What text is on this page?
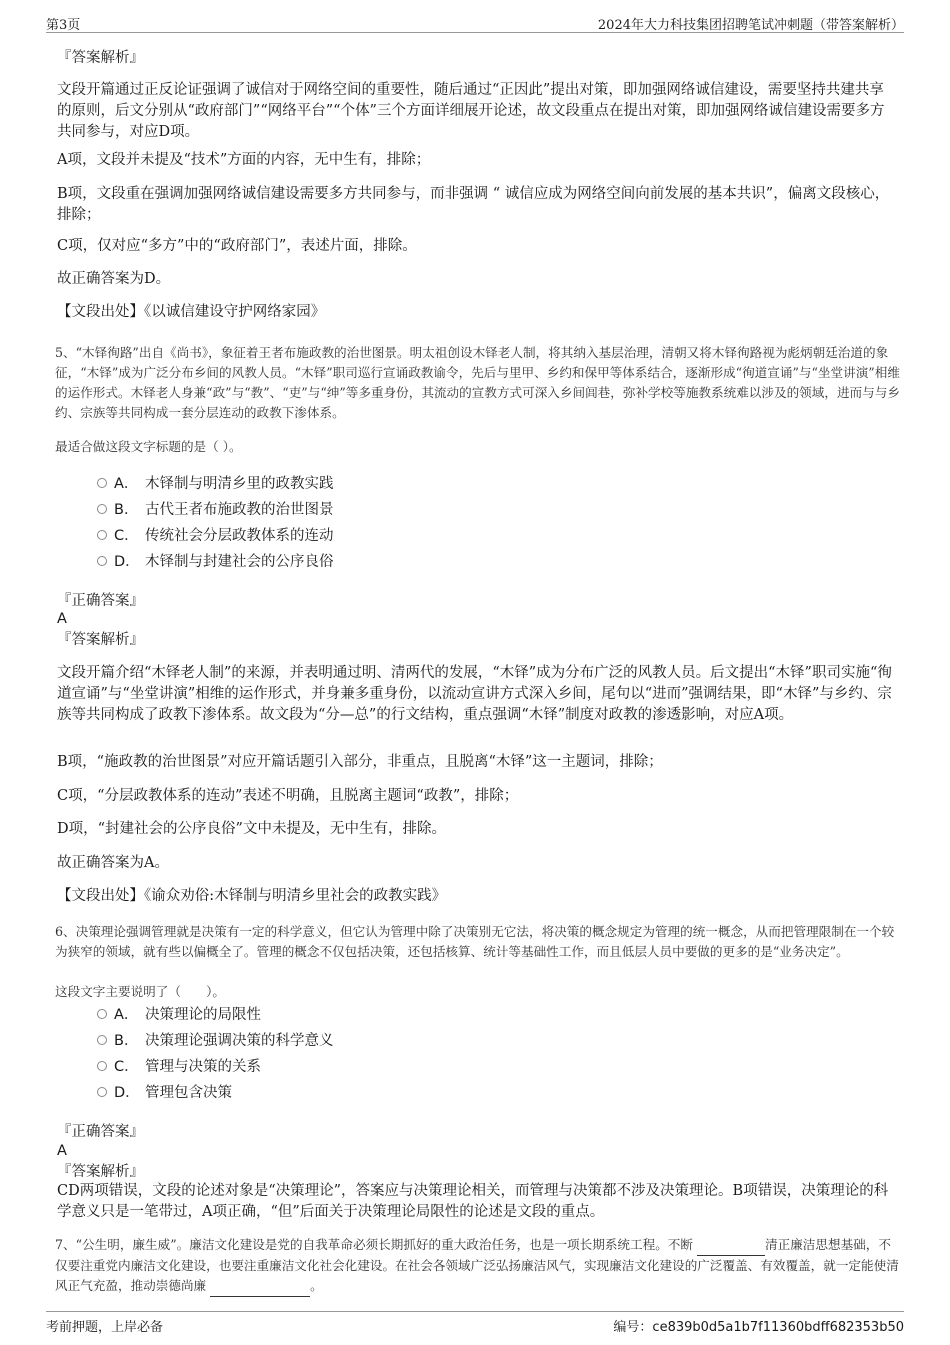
第3页	2024年大力科技集团招聘笔试冲刺题（带答案解析）
『答案解析』
文段开篇通过正反论证强调了诚信对于网络空间的重要性，随后通过“正因此”提出对策，即加强网络诚信建设，需要坚持共建共享的原则，后文分别从“政府部门”“网络平台”“个体”三个方面详细展开论述，故文段重点在提出对策，即加强网络诚信建设需要多方共同参与，对应D项。
A项，文段并未提及“技术”方面的内容，无中生有，排除；
B项，文段重在强调加强网络诚信建设需要多方共同参与，而非强调 “ 诚信应成为网络空间向前发展的基本共识”，偏离文段核心，排除；
C项，仅对应“多方”中的“政府部门”，表述片面，排除。
故正确答案为D。
【文段出处】《以诚信建设守护网络家园》
5、“木铎徇路”出自《尚书》，象征着王者布施政教的治世图景。明太祖创设木铎老人制，将其纳入基层治理，清朝又将木铎徇路视为彪炳朝廷治道的象征，“木铎”成为广泛分布乡间的风教人员。“木铎”职司巡行宣诵政教谕令，先后与里甲、乡约和保甲等体系结合，逐渐形成“徇道宣诵”与“坐堂讲演”相维的运作形式。木铎老人身兼“政”与“教”、“吏”与“绅”等多重身份，其流动的宣教方式可深入乡间闾巷，弥补学校等施教系统难以涉及的领域，进而与与乡约、宗族等共同构成一套分层连动的政教下渗体系。
最适合做这段文字标题的是（ ）。
A． 木铎制与明清乡里的政教实践
B． 古代王者布施政教的治世图景
C． 传统社会分层政教体系的连动
D． 木铎制与封建社会的公序良俗
『正确答案』
A
『答案解析』
文段开篇介绍“木铎老人制”的来源，并表明通过明、清两代的发展，“木铎”成为分布广泛的风教人员。后文提出“木铎”职司实施“徇道宣诵”与“坐堂讲演”相维的运作形式，并身兼多重身份，以流动宣讲方式深入乡间，尾句以“进而”强调结果，即“木铎”与乡约、宗族等共同构成了政教下渗体系。故文段为“分—总”的行文结构，重点强调“木铎”制度对政教的渗透影响，对应A项。
B项，“施政教的治世图景”对应开篇话题引入部分，非重点，且脱离“木铎”这一主题词，排除；
C项，“分层政教体系的连动”表述不明确，且脱离主题词“政教”，排除；
D项，“封建社会的公序良俗”文中未提及，无中生有，排除。
故正确答案为A。
【文段出处】《谕众劝俗:木铎制与明清乡里社会的政教实践》
6、决策理论强调管理就是决策有一定的科学意义，但它认为管理中除了决策别无它法，将决策的概念规定为管理的统一概念，从而把管理限制在一个较为狭窄的领域，就有些以偏概全了。管理的概念不仅包括决策，还包括核算、统计等基础性工作，而且低层人员中要做的更多的是“业务决定”。
这段文字主要说明了（　　）。
A． 决策理论的局限性
B． 决策理论强调决策的科学意义
C． 管理与决策的关系
D． 管理包含决策
『正确答案』
A
『答案解析』
CD两项错误，文段的论述对象是“决策理论”，答案应与决策理论相关，而管理与决策都不涉及决策理论。B项错误，决策理论的科学意义只是一笔带过，A项正确，“但”后面关于决策理论局限性的论述是文段的重点。
7、“公生明，廉生威”。廉洁文化建设是党的自我革命必须长期抓好的重大政治任务，也是一项长期系统工程。不断	清正廉洁思想基础，不仅要注重党内廉洁文化建设，也要注重廉洁文化社会化建设。在社会各领域广泛弘扬廉洁风气，实现廉洁文化建设的广泛覆盖、有效覆盖，就一定能使清风正气充盈，推动崇德尚廉	。
考前押题，上岸必备	编号：ce839b0d5a1b7f11360bdff682353b50
